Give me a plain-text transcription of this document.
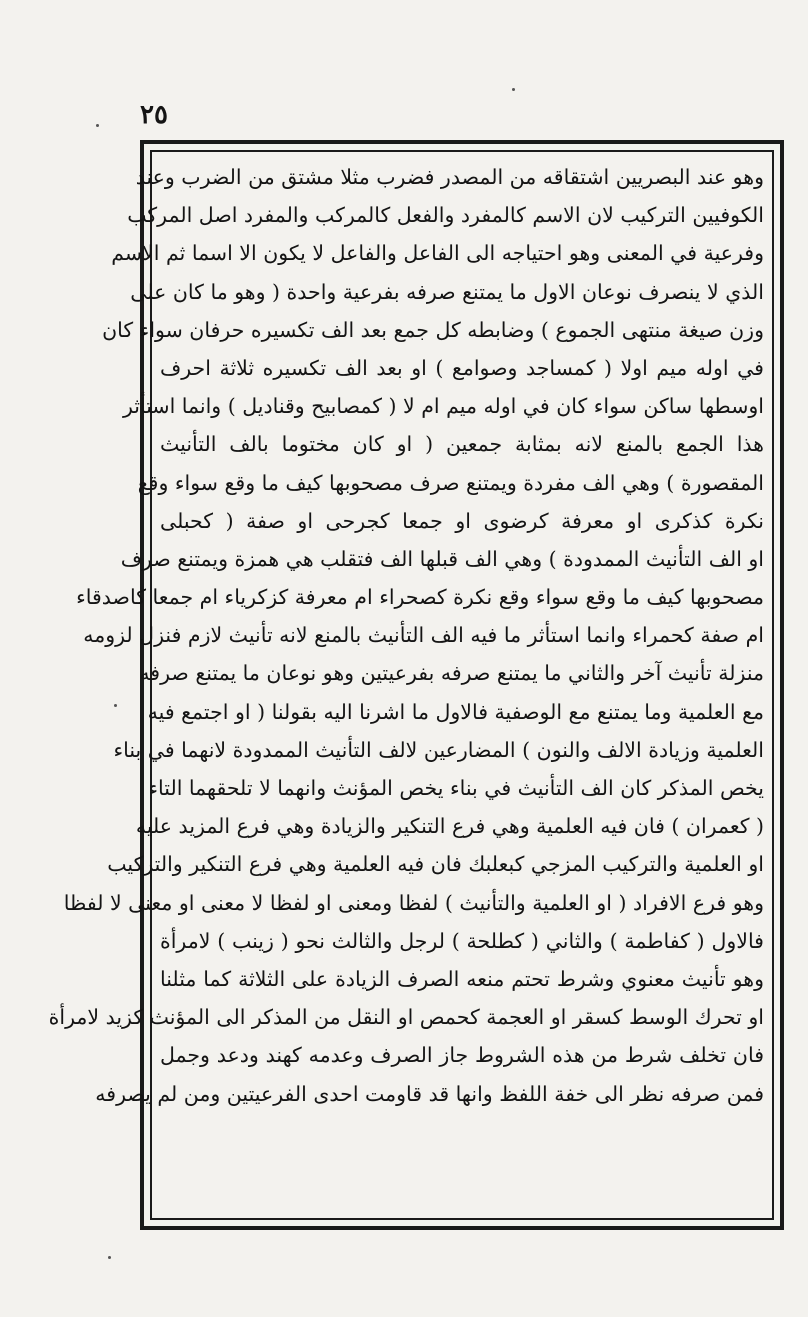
٢٥
وهو عند البصريين اشتقاقه من المصدر فضرب مثلا مشتق من الضرب وعند
الكوفيين التركيب لان الاسم كالمفرد والفعل كالمركب والمفرد اصل المركب
وفرعية في المعنى وهو احتياجه الى الفاعل والفاعل لا يكون الا اسما ثم الاسم
الذي لا ينصرف نوعان الاول ما يمتنع صرفه بفرعية واحدة ( وهو ما كان على
وزن صيغة منتهى الجموع ) وضابطه كل جمع بعد الف تكسيره حرفان سواء كان
في اوله ميم اولا ( كمساجد وصوامع ) او بعد الف تكسيره ثلاثة احرف
اوسطها ساكن سواء كان في اوله ميم ام لا ( كمصابيح وقناديل ) وانما استأثر
هذا الجمع بالمنع لانه بمثابة جمعين ( او كان مختوما بالف التأنيث
المقصورة ) وهي الف مفردة ويمتنع صرف مصحوبها كيف ما وقع سواء وقع
نكرة كذكرى او معرفة كرضوى او جمعا كجرحى او صفة ( كحبلى
او الف التأنيث الممدودة ) وهي الف قبلها الف فتقلب هي همزة ويمتنع صرف
مصحوبها كيف ما وقع سواء وقع نكرة كصحراء ام معرفة كزكرياء ام جمعا كاصدقاء
ام صفة كحمراء وانما استأثر ما فيه الف التأنيث بالمنع لانه تأنيث لازم فنزل لزومه
منزلة تأنيث آخر والثاني ما يمتنع صرفه بفرعيتين وهو نوعان ما يمتنع صرفه
مع العلمية وما يمتنع مع الوصفية فالاول ما اشرنا اليه بقولنا ( او اجتمع فيه
العلمية وزيادة الالف والنون ) المضارعين لالف التأنيث الممدودة لانهما في بناء
يخص المذكر كان الف التأنيث في بناء يخص المؤنث وانهما لا تلحقهما التاء
( كعمران ) فان فيه العلمية وهي فرع التنكير والزيادة وهي فرع المزيد عليه
او العلمية والتركيب المزجي كبعلبك فان فيه العلمية وهي فرع التنكير والتركيب
وهو فرع الافراد ( او العلمية والتأنيث ) لفظا ومعنى او لفظا لا معنى او معنى لا لفظا
فالاول ( كفاطمة ) والثاني ( كطلحة ) لرجل والثالث نحو ( زينب ) لامرأة
وهو تأنيث معنوي وشرط تحتم منعه الصرف الزيادة على الثلاثة كما مثلنا
او تحرك الوسط كسقر او العجمة كحمص او النقل من المذكر الى المؤنث كزيد لامرأة
فان تخلف شرط من هذه الشروط جاز الصرف وعدمه كهند ودعد وجمل
فمن صرفه نظر الى خفة اللفظ وانها قد قاومت احدى الفرعيتين ومن لم يصرفه
